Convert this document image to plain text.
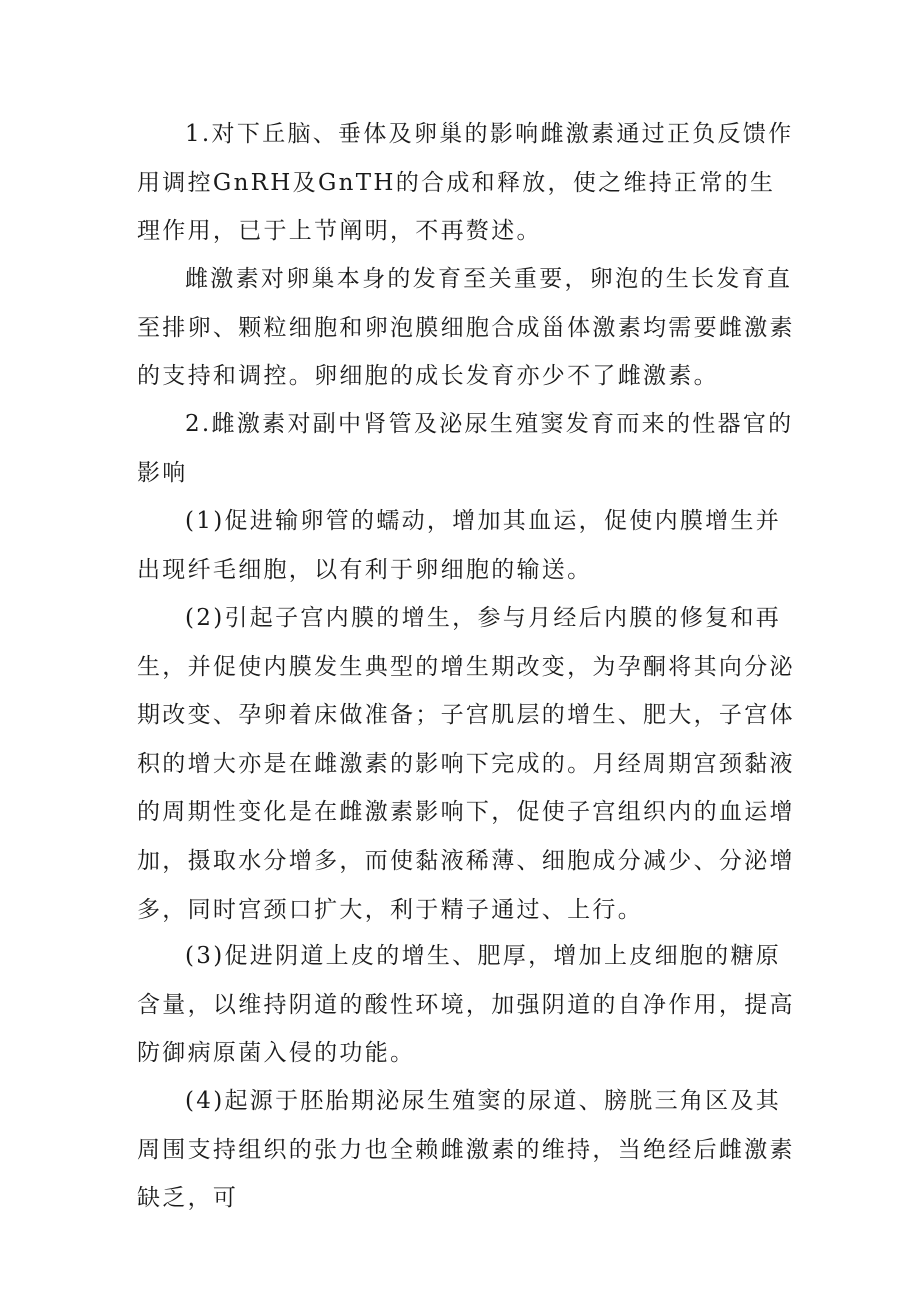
1.对下丘脑、垂体及卵巢的影响雌激素通过正负反馈作用调控GnRH及GnTH的合成和释放，使之维持正常的生理作用，已于上节阐明，不再赘述。

雌激素对卵巢本身的发育至关重要，卵泡的生长发育直至排卵、颗粒细胞和卵泡膜细胞合成甾体激素均需要雌激素的支持和调控。卵细胞的成长发育亦少不了雌激素。

2.雌激素对副中肾管及泌尿生殖窦发育而来的性器官的影响

(1)促进输卵管的蠕动，增加其血运，促使内膜增生并出现纤毛细胞，以有利于卵细胞的输送。

(2)引起子宫内膜的增生，参与月经后内膜的修复和再生，并促使内膜发生典型的增生期改变，为孕酮将其向分泌期改变、孕卵着床做准备；子宫肌层的增生、肥大，子宫体积的增大亦是在雌激素的影响下完成的。月经周期宫颈黏液的周期性变化是在雌激素影响下，促使子宫组织内的血运增加，摄取水分增多，而使黏液稀薄、细胞成分减少、分泌增多，同时宫颈口扩大，利于精子通过、上行。

(3)促进阴道上皮的增生、肥厚，增加上皮细胞的糖原含量，以维持阴道的酸性环境，加强阴道的自净作用，提高防御病原菌入侵的功能。

(4)起源于胚胎期泌尿生殖窦的尿道、膀胱三角区及其周围支持组织的张力也全赖雌激素的维持，当绝经后雌激素缺乏，可
